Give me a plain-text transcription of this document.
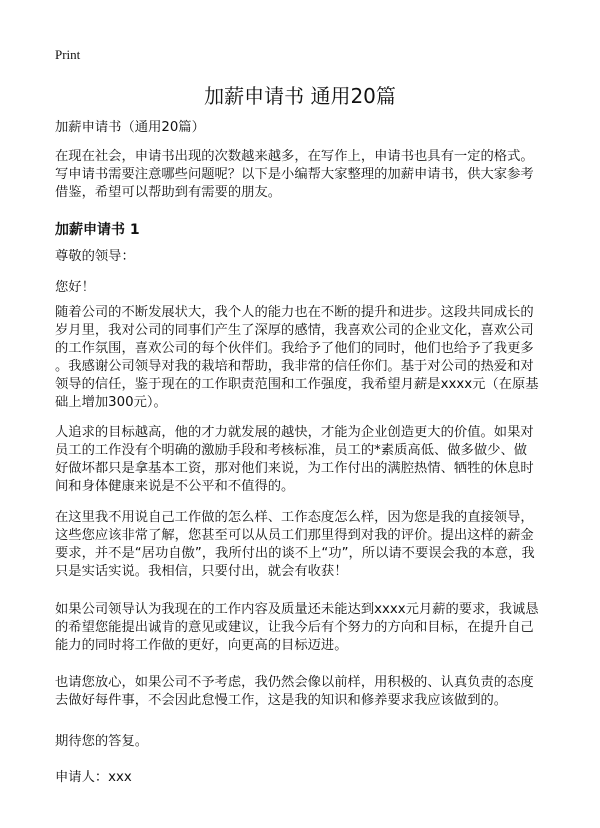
Print
加薪申请书 通用20篇
加薪申请书（通用20篇）
在现在社会，申请书出现的次数越来越多，在写作上，申请书也具有一定的格式。
写申请书需要注意哪些问题呢？以下是小编帮大家整理的加薪申请书，供大家参考
借鉴，希望可以帮助到有需要的朋友。
加薪申请书 1
尊敬的领导：
您好！
随着公司的不断发展状大，我个人的能力也在不断的提升和进步。这段共同成长的
岁月里，我对公司的同事们产生了深厚的感情，我喜欢公司的企业文化，喜欢公司
的工作氛围，喜欢公司的每个伙伴们。我给予了他们的同时，他们也给予了我更多
。我感谢公司领导对我的栽培和帮助，我非常的信任你们。基于对公司的热爱和对
领导的信任，鉴于现在的工作职责范围和工作强度，我希望月薪是xxxx元（在原基
础上增加300元）。
人追求的目标越高，他的才力就发展的越快，才能为企业创造更大的价值。如果对
员工的工作没有个明确的激励手段和考核标准，员工的*素质高低、做多做少、做
好做坏都只是拿基本工资，那对他们来说，为工作付出的满腔热情、牺牲的休息时
间和身体健康来说是不公平和不值得的。
在这里我不用说自己工作做的怎么样、工作态度怎么样，因为您是我的直接领导，
这些您应该非常了解，您甚至可以从员工们那里得到对我的评价。提出这样的薪金
要求，并不是“居功自傲”，我所付出的谈不上“功”，所以请不要误会我的本意，我
只是实话实说。我相信，只要付出，就会有收获！
如果公司领导认为我现在的工作内容及质量还未能达到xxxx元月薪的要求，我诚恳
的希望您能提出诚肯的意见或建议，让我今后有个努力的方向和目标，在提升自己
能力的同时将工作做的更好，向更高的目标迈进。
也请您放心，如果公司不予考虑，我仍然会像以前样，用积极的、认真负责的态度
去做好每件事，不会因此怠慢工作，这是我的知识和修养要求我应该做到的。
期待您的答复。
申请人：xxx
